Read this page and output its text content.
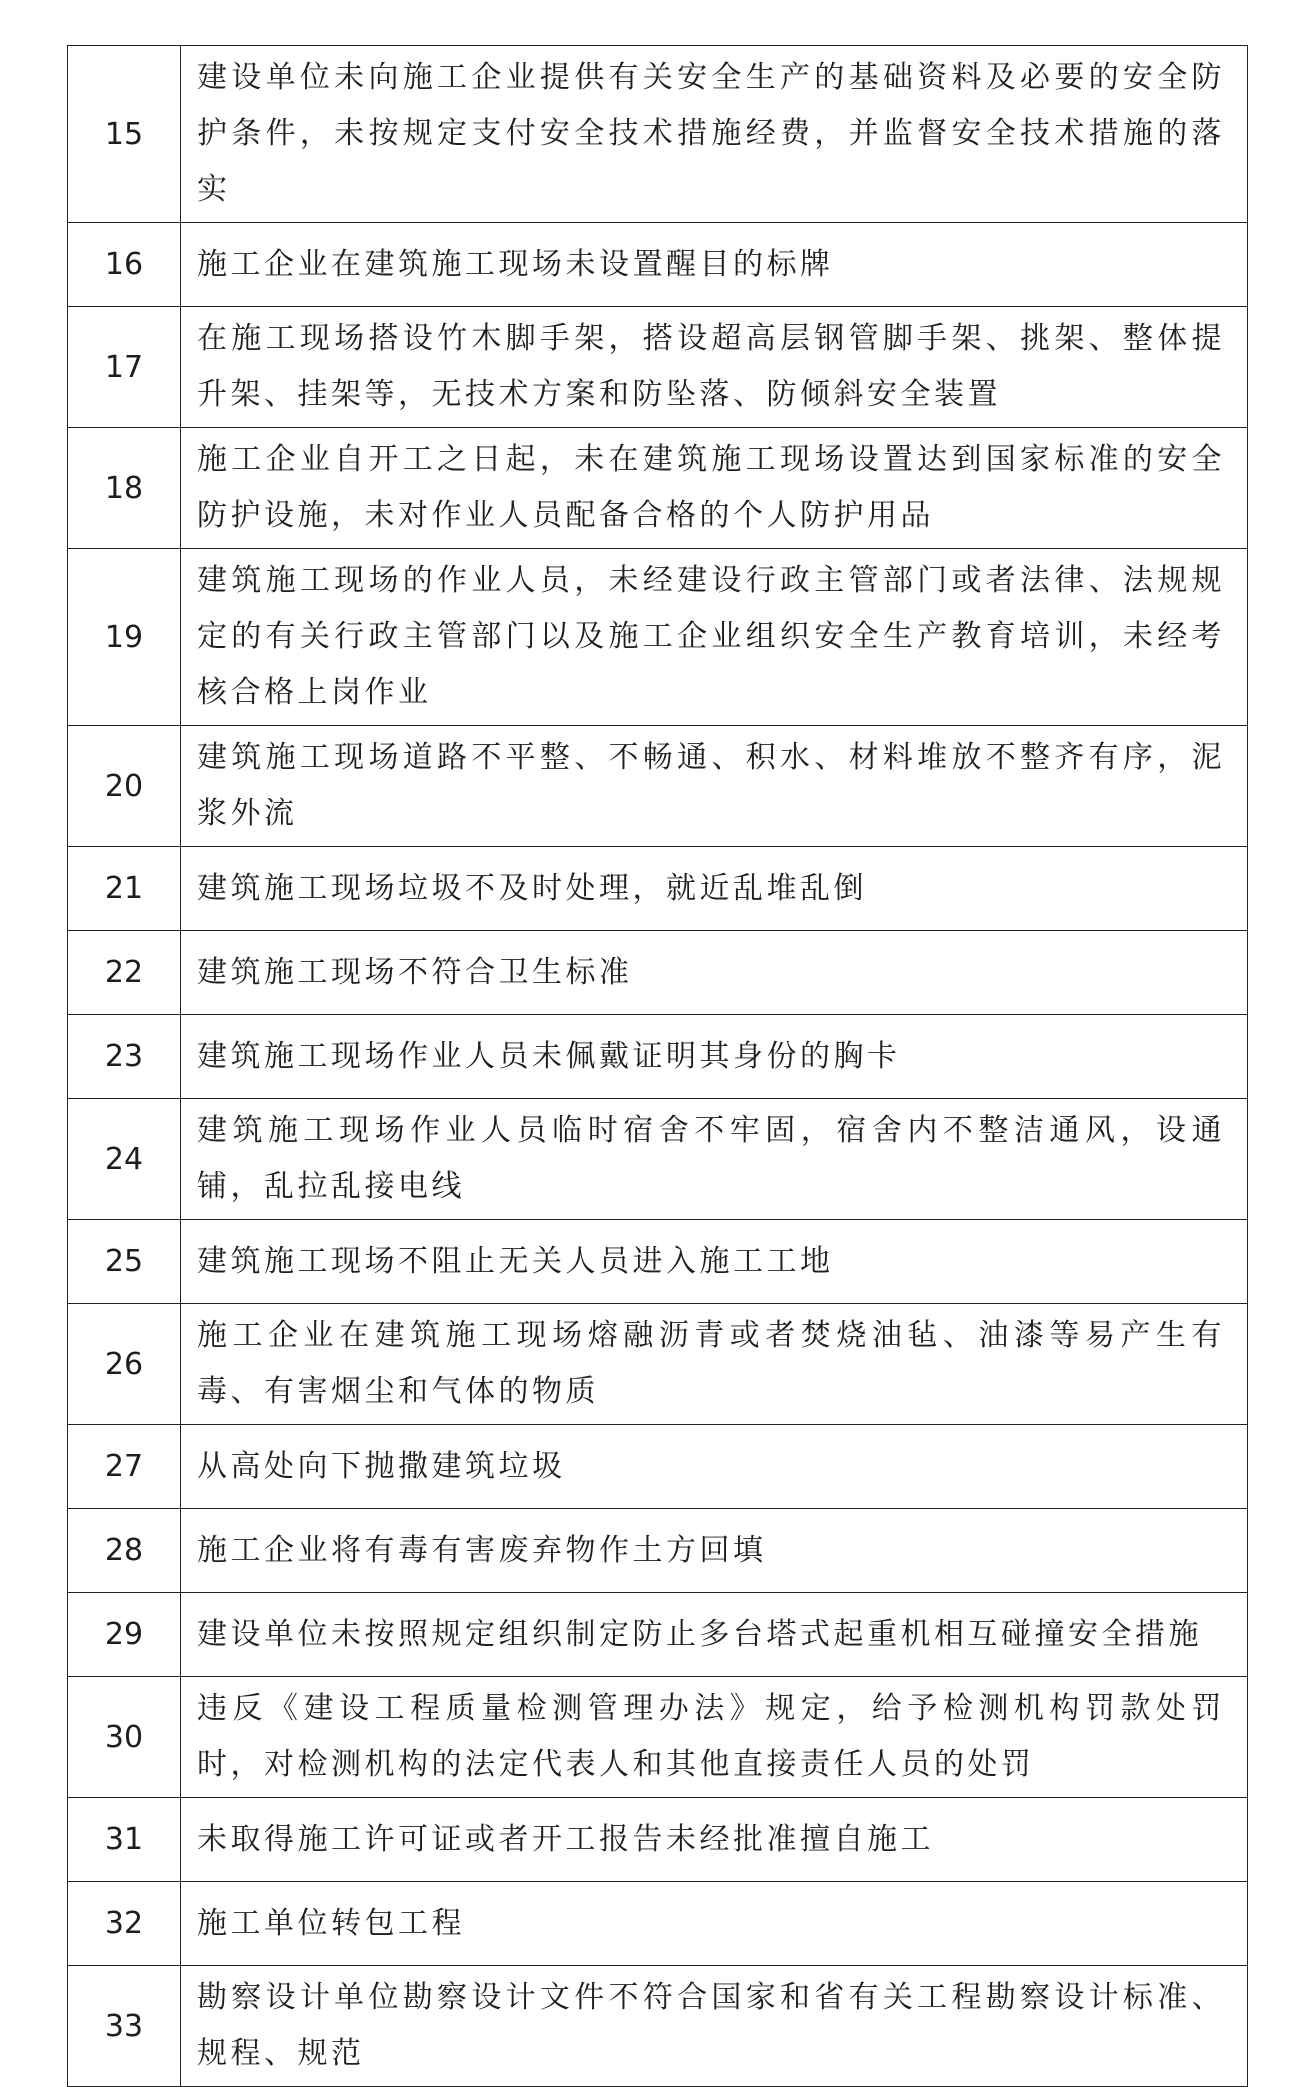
15	建设单位未向施工企业提供有关安全生产的基础资料及必要的安全防护条件，未按规定支付安全技术措施经费，并监督安全技术措施的落实
16	施工企业在建筑施工现场未设置醒目的标牌
17	在施工现场搭设竹木脚手架，搭设超高层钢管脚手架、挑架、整体提升架、挂架等，无技术方案和防坠落、防倾斜安全装置
18	施工企业自开工之日起，未在建筑施工现场设置达到国家标准的安全防护设施，未对作业人员配备合格的个人防护用品
19	建筑施工现场的作业人员，未经建设行政主管部门或者法律、法规规定的有关行政主管部门以及施工企业组织安全生产教育培训，未经考核合格上岗作业
20	建筑施工现场道路不平整、不畅通、积水、材料堆放不整齐有序，泥浆外流
21	建筑施工现场垃圾不及时处理，就近乱堆乱倒
22	建筑施工现场不符合卫生标准
23	建筑施工现场作业人员未佩戴证明其身份的胸卡
24	建筑施工现场作业人员临时宿舍不牢固，宿舍内不整洁通风，设通铺，乱拉乱接电线
25	建筑施工现场不阻止无关人员进入施工工地
26	施工企业在建筑施工现场熔融沥青或者焚烧油毡、油漆等易产生有毒、有害烟尘和气体的物质
27	从高处向下抛撒建筑垃圾
28	施工企业将有毒有害废弃物作土方回填
29	建设单位未按照规定组织制定防止多台塔式起重机相互碰撞安全措施
30	违反《建设工程质量检测管理办法》规定，给予检测机构罚款处罚时，对检测机构的法定代表人和其他直接责任人员的处罚
31	未取得施工许可证或者开工报告未经批准擅自施工
32	施工单位转包工程
33	勘察设计单位勘察设计文件不符合国家和省有关工程勘察设计标准、规程、规范
